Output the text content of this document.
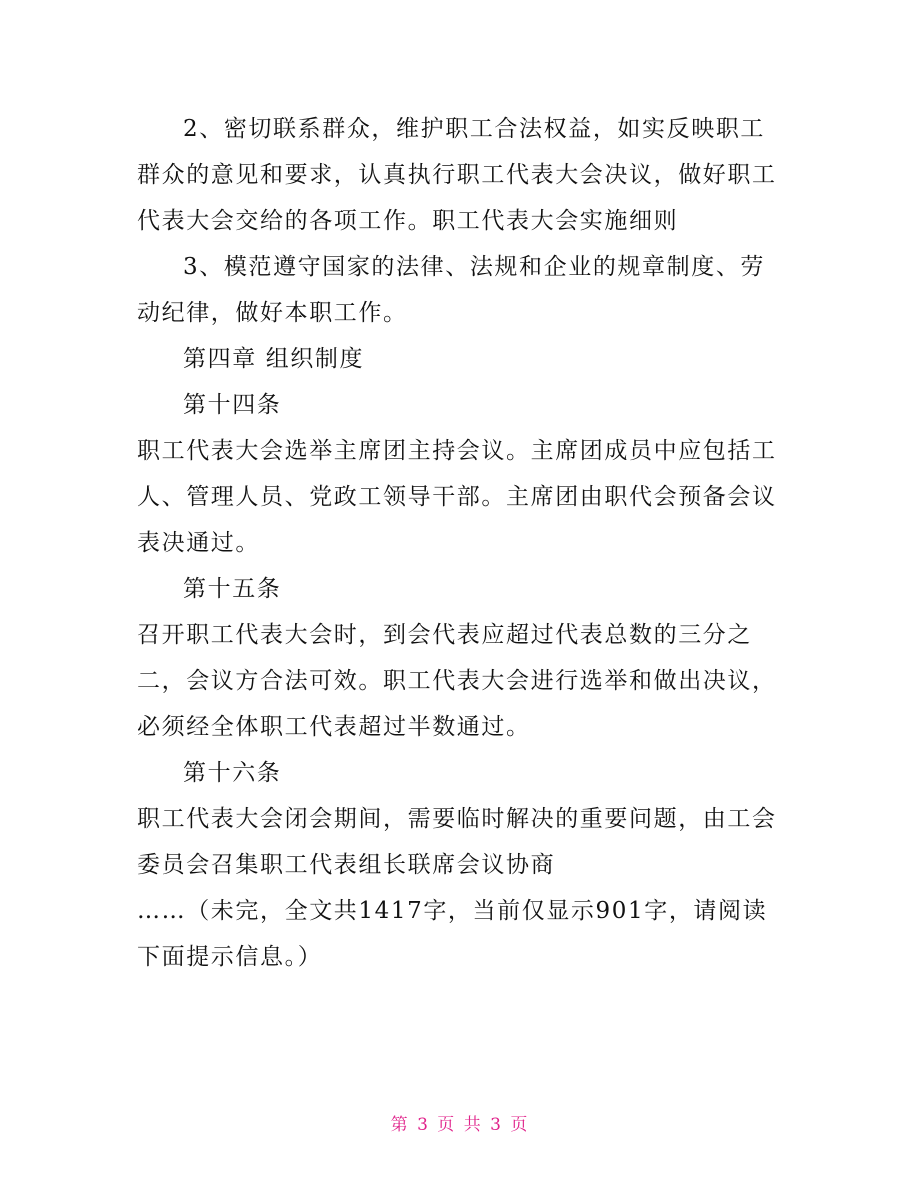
2、密切联系群众，维护职工合法权益，如实反映职工群众的意见和要求，认真执行职工代表大会决议，做好职工代表大会交给的各项工作。职工代表大会实施细则

3、模范遵守国家的法律、法规和企业的规章制度、劳动纪律，做好本职工作。

第四章 组织制度

第十四条

职工代表大会选举主席团主持会议。主席团成员中应包括工人、管理人员、党政工领导干部。主席团由职代会预备会议表决通过。

第十五条

召开职工代表大会时，到会代表应超过代表总数的三分之二，会议方合法可效。职工代表大会进行选举和做出决议，必须经全体职工代表超过半数通过。

第十六条

职工代表大会闭会期间，需要临时解决的重要问题，由工会委员会召集职工代表组长联席会议协商

……（未完，全文共1417字，当前仅显示901字，请阅读下面提示信息。）

第 3 页 共 3 页
